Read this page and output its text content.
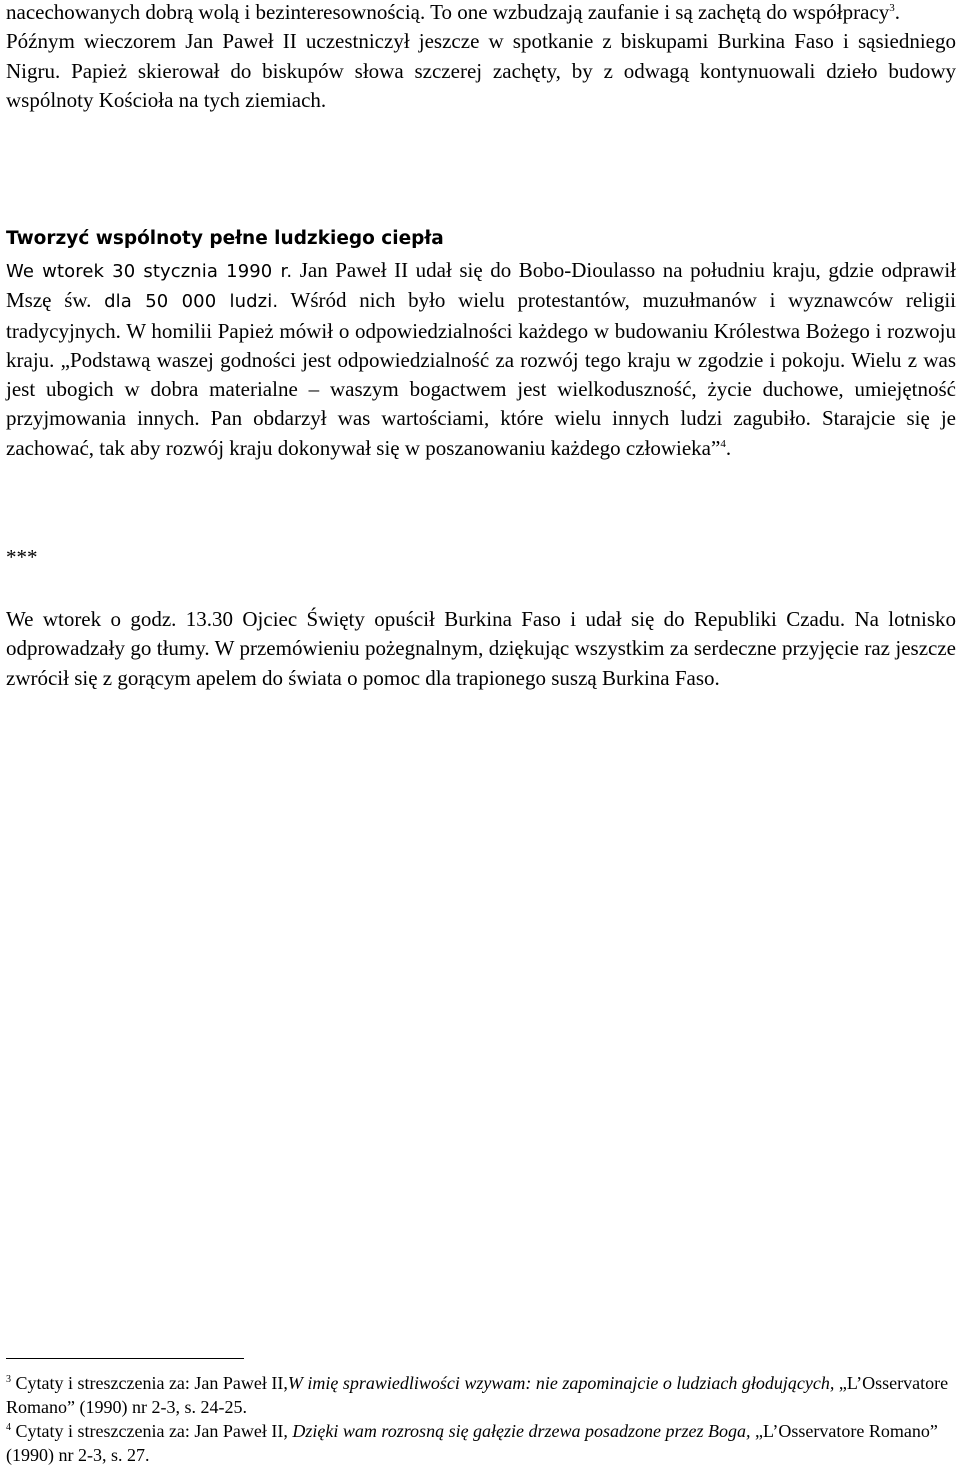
nacechowanych dobrą wolą i bezinteresownością. To one wzbudzają zaufanie i są zachętą do współpracy$^3$.

Późnym wieczorem Jan Paweł II uczestniczył jeszcze w spotkanie z biskupami Burkina Faso i sąsiedniego Nigru. Papież skierował do biskupów słowa szczerej zachęty, by z odwagą kontynuowali dzieło budowy wspólnoty Kościoła na tych ziemiach.

Tworzyć wspólnoty pełne ludzkiego ciepła

We wtorek 30 stycznia 1990 r. Jan Paweł II udał się do Bobo-Dioulasso na południu kraju, gdzie odprawił Mszę św. dla 50 000 ludzi. Wśród nich było wielu protestantów, muzułmanów i wyznawców religii tradycyjnych. W homilii Papież mówił o odpowiedzialności każdego w budowaniu Królestwa Bożego i rozwoju kraju. „Podstawą waszej godności jest odpowiedzialność za rozwój tego kraju w zgodzie i pokoju. Wielu z was jest ubogich w dobra materialne – waszym bogactwem jest wielkoduszność, życie duchowe, umiejętność przyjmowania innych. Pan obdarzył was wartościami, które wielu innych ludzi zagubiło. Starajcie się je zachować, tak aby rozwój kraju dokonywał się w poszanowaniu każdego człowieka”$^4$.

***

We wtorek o godz. 13.30 Ojciec Święty opuścił Burkina Faso i udał się do Republiki Czadu. Na lotnisko odprowadzały go tłumy. W przemówieniu pożegnalnym, dziękując wszystkim za serdeczne przyjęcie raz jeszcze zwrócił się z gorącym apelem do świata o pomoc dla trapionego suszą Burkina Faso.

$^3$ Cytaty i streszczenia za: Jan Paweł II,W imię sprawiedliwości wzywam: nie zapominajcie o ludziach głodujących, „L’Osservatore Romano” (1990) nr 2-3, s. 24-25.

$^4$ Cytaty i streszczenia za: Jan Paweł II, Dzięki wam rozrosną się gałęzie drzewa posadzone przez Boga, „L’Osservatore Romano” (1990) nr 2-3, s. 27.
